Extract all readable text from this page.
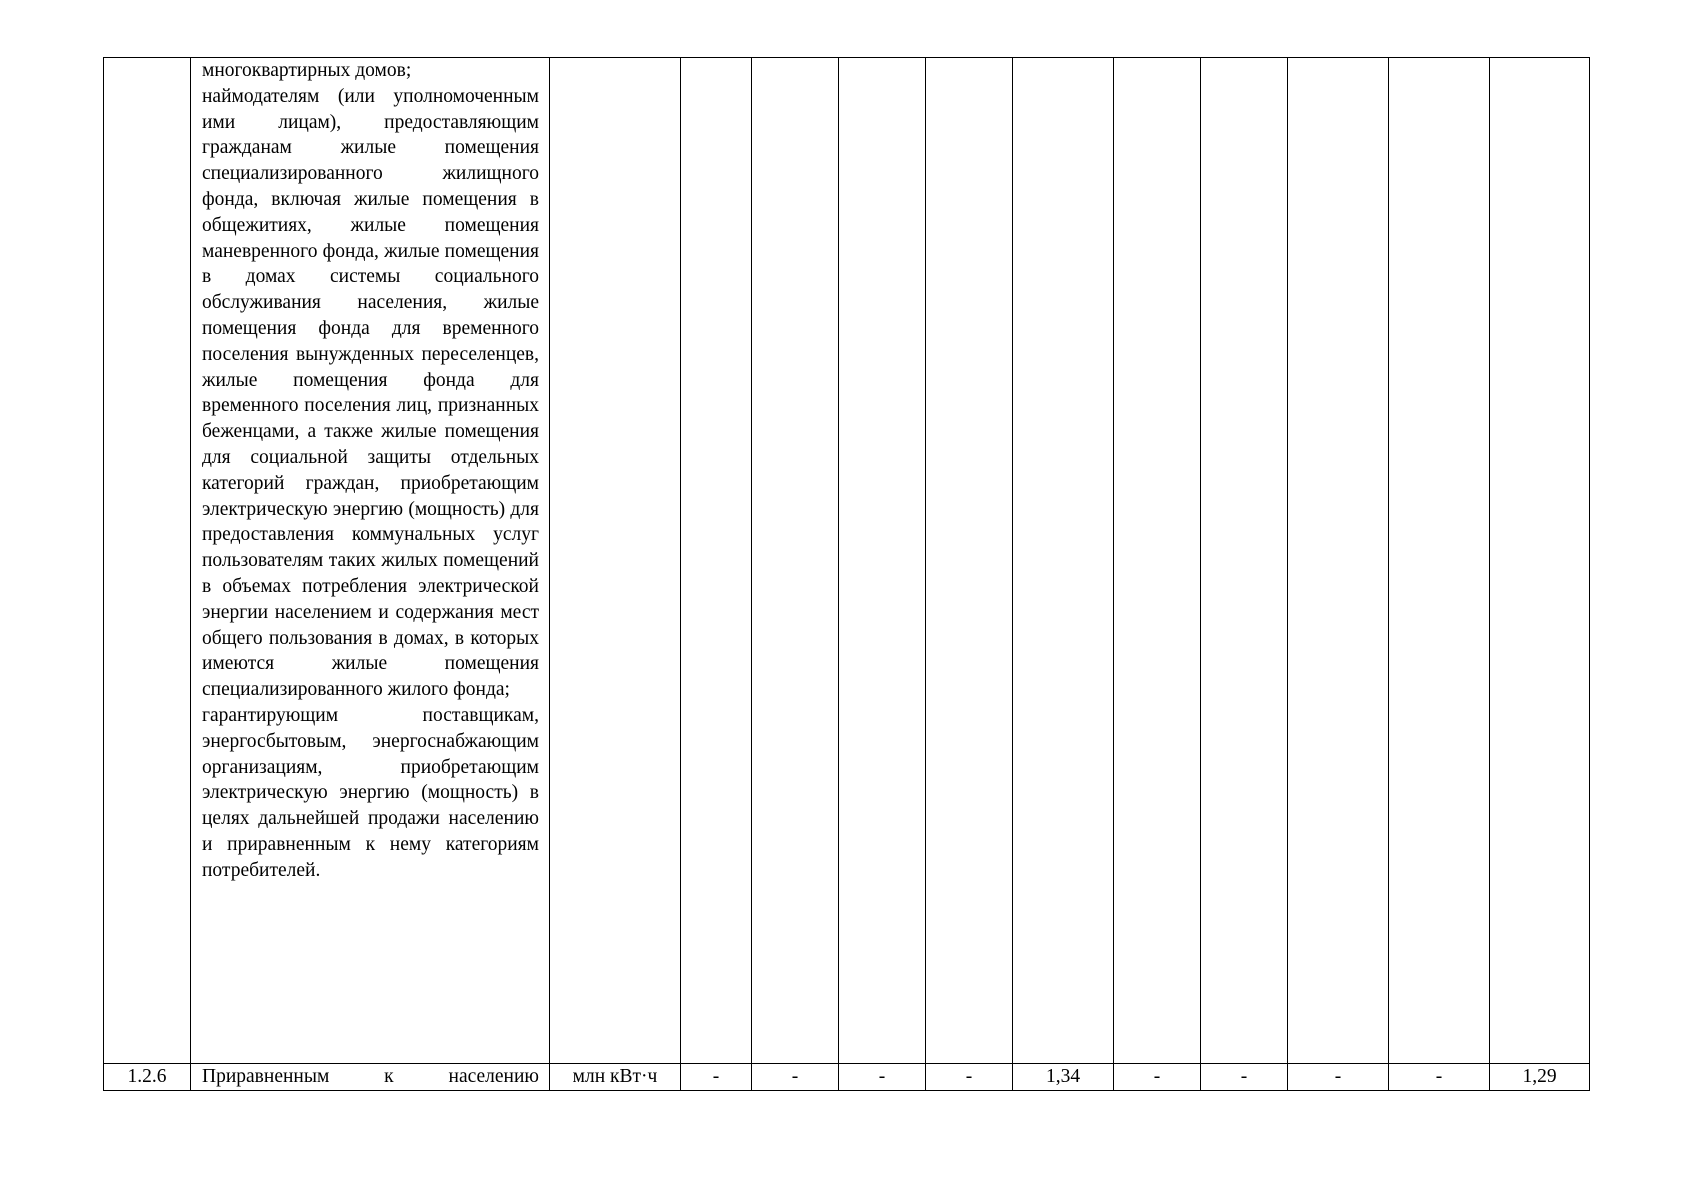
	многоквартирных домов;

наймодателям (или уполномоченным ими лицам), предоставляющим гражданам жилые помещения специализированного жилищного фонда, включая жилые помещения в общежитиях, жилые помещения маневренного фонда, жилые помещения в домах системы социального обслуживания населения, жилые помещения фонда для временного поселения вынужденных переселенцев, жилые помещения фонда для временного поселения лиц, признанных беженцами, а также жилые помещения для социальной защиты отдельных категорий граждан, приобретающим электрическую энергию (мощность) для предоставления коммунальных услуг пользователям таких жилых помещений в объемах потребления электрической энергии населением и содержания мест общего пользования в домах, в которых имеются жилые помещения специализированного жилого фонда;

гарантирующим поставщикам, энергосбытовым, энергоснабжающим организациям, приобретающим электрическую энергию (мощность) в целях дальнейшей продажи населению и приравненным к нему категориям потребителей.											

1.2.6	Приравненным к населению	млн кВт·ч	-	-	-	-	1,34	-	-	-	-	1,29
